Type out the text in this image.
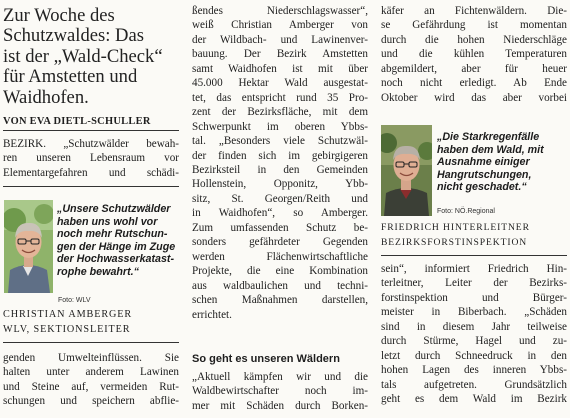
Zur Woche des
Schutzwaldes: Das
ist der „Wald-Check“
für Amstetten und
Waidhofen.
VON EVA DIETL-SCHULLER
BEZIRK. „Schutzwälder bewah-
ren unseren Lebensraum vor
Elementargefahren und schädi-
„Unsere Schutzwälder
haben uns wohl vor
noch mehr Rutschun-
gen der Hänge im Zuge
der Hochwasserkatast-
rophe bewahrt.“
Foto: WLV
CHRISTIAN AMBERGER
WLV, SEKTIONSLEITER
genden Umwelteinflüssen. Sie
halten unter anderem Lawinen
und Steine auf, vermeiden Rut-
schungen und speichern abflie-
ßendes Niederschlagswasser“,
weiß Christian Amberger von
der Wildbach- und Lawinenver-
bauung. Der Bezirk Amstetten
samt Waidhofen ist mit über
45.000 Hektar Wald ausgestat-
tet, das entspricht rund 35 Pro-
zent der Bezirksfläche, mit dem
Schwerpunkt im oberen Ybbs-
tal. „Besonders viele Schutzwäl-
der finden sich im gebirgigeren
Bezirksteil in den Gemeinden
Hollenstein, Opponitz, Ybb-
sitz, St. Georgen/Reith und
in Waidhofen“, so Amberger.
Zum umfassenden Schutz be-
sonders gefährdeter Gegenden
werden Flächenwirtschaftliche
Projekte, die eine Kombination
aus waldbaulichen und techni-
schen Maßnahmen darstellen,
errichtet.
So geht es unseren Wäldern
„Aktuell kämpfen wir und die
Waldbewirtschafter noch im-
mer mit Schäden durch Borken-
käfer an Fichtenwäldern. Die-
se Gefährdung ist momentan
durch die hohen Niederschläge
und die kühlen Temperaturen
abgemildert, aber für heuer
noch nicht erledigt. Ab Ende
Oktober wird das aber vorbei
„Die Starkregenfälle
haben dem Wald, mit
Ausnahme einiger
Hangrutschungen,
nicht geschadet.“
Foto: NÖ.Regional
FRIEDRICH HINTERLEITNER
BEZIRKSFORSTINSPEKTION
sein“, informiert Friedrich Hin-
terleitner, Leiter der Bezirks-
forstinspektion und Bürger-
meister in Biberbach. „Schäden
sind in diesem Jahr teilweise
durch Stürme, Hagel und zu-
letzt durch Schneedruck in den
hohen Lagen des inneren Ybbs-
tals aufgetreten. Grundsätzlich
geht es dem Wald im Bezirk
